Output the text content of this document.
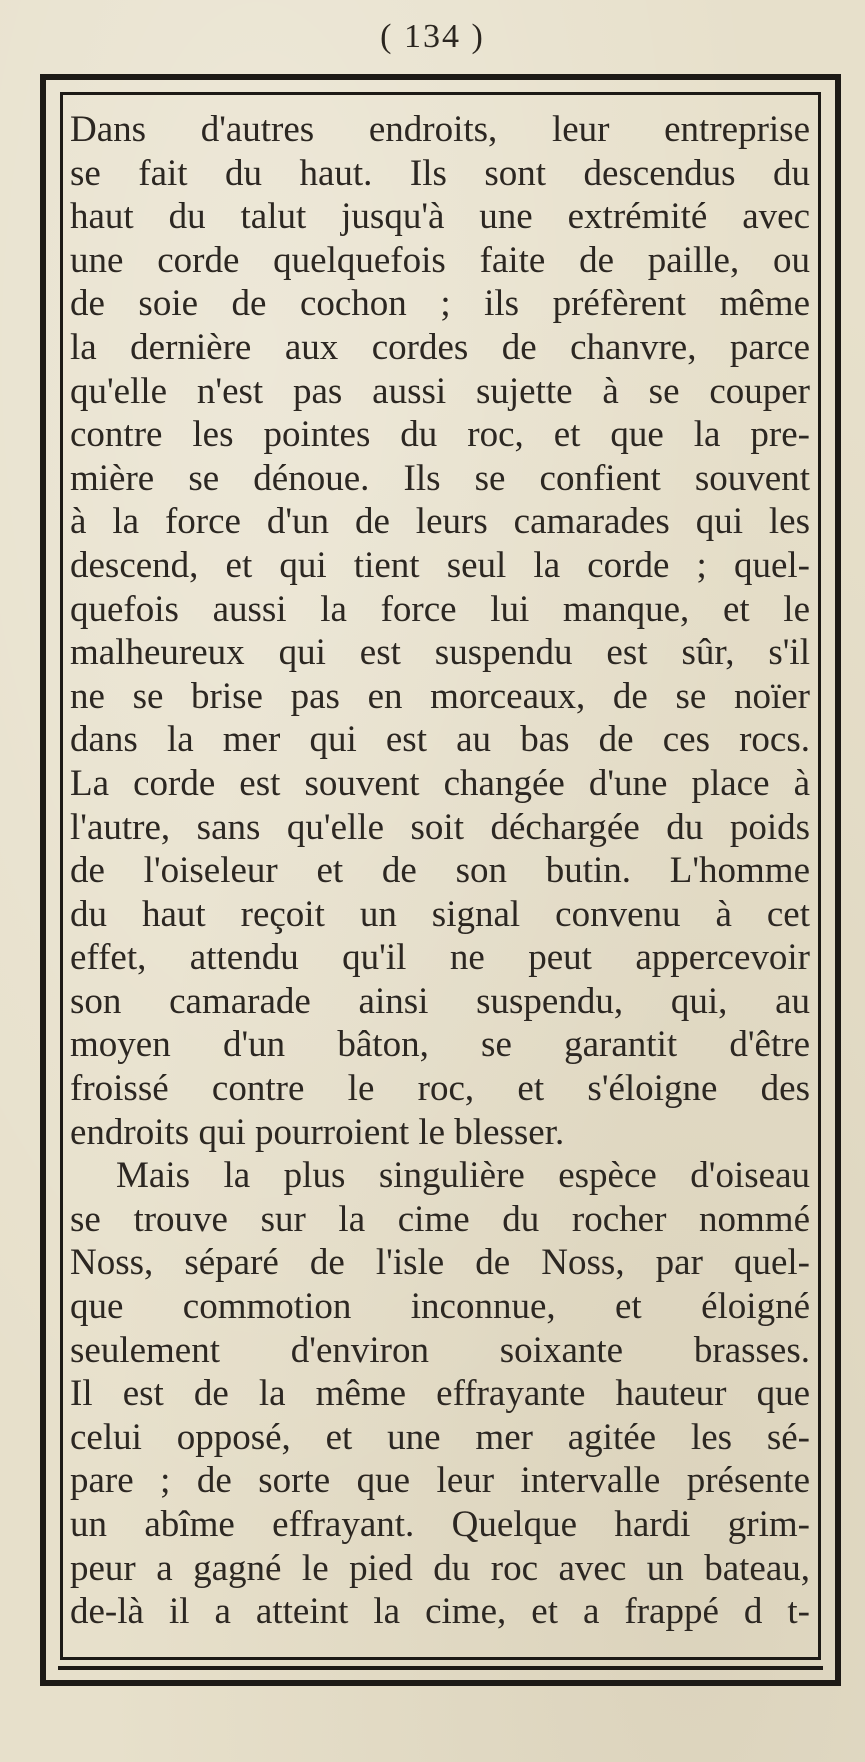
( 134 )
Dans d'autres endroits, leur entreprise
se fait du haut. Ils sont descendus du
haut du talut jusqu'à une extrémité avec
une corde quelquefois faite de paille, ou
de soie de cochon ; ils préfèrent même
la dernière aux cordes de chanvre, parce
qu'elle n'est pas aussi sujette à se couper
contre les pointes du roc, et que la pre-
mière se dénoue. Ils se confient souvent
à la force d'un de leurs camarades qui les
descend, et qui tient seul la corde ; quel-
quefois aussi la force lui manque, et le
malheureux qui est suspendu est sûr, s'il
ne se brise pas en morceaux, de se noïer
dans la mer qui est au bas de ces rocs.
La corde est souvent changée d'une place à
l'autre, sans qu'elle soit déchargée du poids
de l'oiseleur et de son butin. L'homme
du haut reçoit un signal convenu à cet
effet, attendu qu'il ne peut appercevoir
son camarade ainsi suspendu, qui, au
moyen d'un bâton, se garantit d'être
froissé contre le roc, et s'éloigne des
endroits qui pourroient le blesser.
Mais la plus singulière espèce d'oiseau
se trouve sur la cime du rocher nommé
Noss, séparé de l'isle de Noss, par quel-
que commotion inconnue, et éloigné
seulement d'environ soixante brasses.
Il est de la même effrayante hauteur que
celui opposé, et une mer agitée les sé-
pare ; de sorte que leur intervalle présente
un abîme effrayant. Quelque hardi grim-
peur a gagné le pied du roc avec un bateau,
de-là il a atteint la cime, et a frappé d t-
